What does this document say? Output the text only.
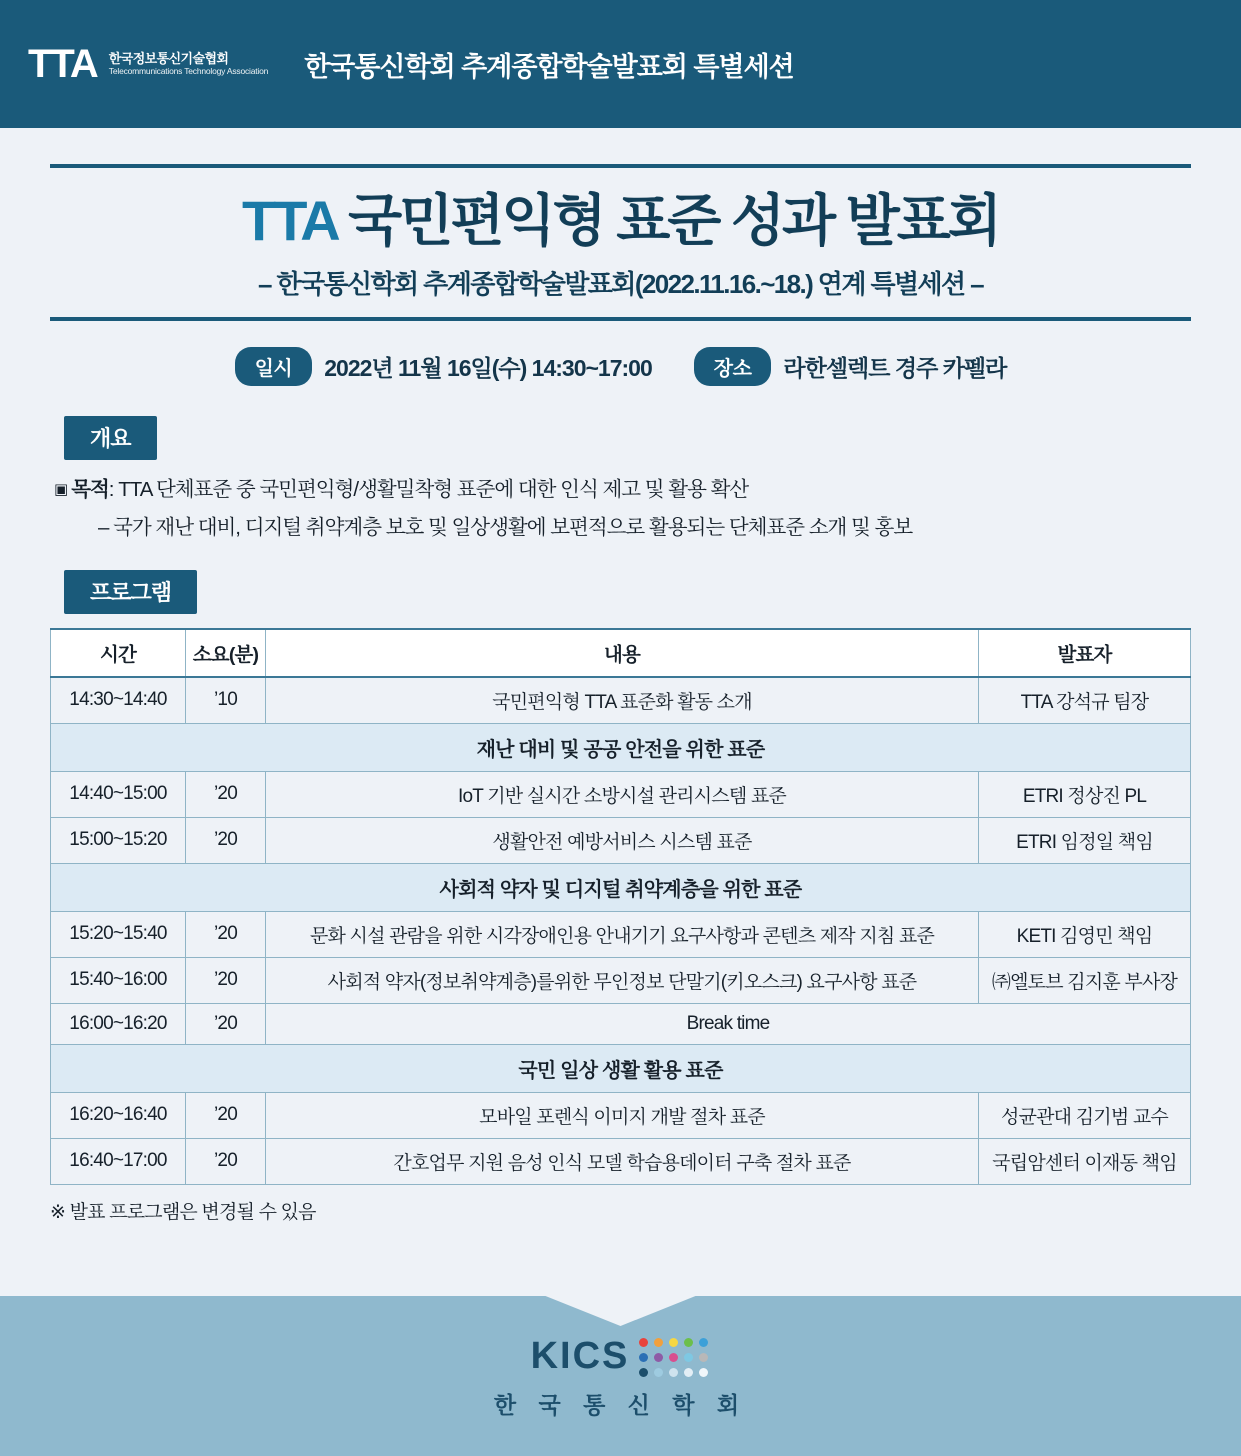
TTA 한국정보통신기술협회
Telecommunications Technology Association 한국통신학회 추계종합학술발표회 특별세션
TTA 국민편익형 표준 성과 발표회
– 한국통신학회 추계종합학술발표회(2022.11.16.~18.) 연계 특별세션 –
일시	2022년 11월 16일(수) 14:30~17:00	장소	라한셀렉트 경주 카펠라
개요
▣ 목적: TTA 단체표준 중 국민편익형/생활밀착형 표준에 대한 인식 제고 및 활용 확산
– 국가 재난 대비, 디지털 취약계층 보호 및 일상생활에 보편적으로 활용되는 단체표준 소개 및 홍보
프로그램
시간	소요(분)	내용	발표자
14:30~14:40	’10	국민편익형 TTA 표준화 활동 소개	TTA 강석규 팀장
재난 대비 및 공공 안전을 위한 표준			
14:40~15:00	’20	IoT 기반 실시간 소방시설 관리시스템 표준	ETRI 정상진 PL
15:00~15:20	’20	생활안전 예방서비스 시스템 표준	ETRI 임정일 책임
사회적 약자 및 디지털 취약계층을 위한 표준			
15:20~15:40	’20	문화 시설 관람을 위한 시각장애인용 안내기기 요구사항과 콘텐츠 제작 지침 표준	KETI 김영민 책임
15:40~16:00	’20	사회적 약자(정보취약계층)를위한 무인정보 단말기(키오스크) 요구사항 표준	㈜엘토브 김지훈 부사장
16:00~16:20	’20	Break time	
국민 일상 생활 활용 표준			
16:20~16:40	’20	모바일 포렌식 이미지 개발 절차 표준	성균관대 김기범 교수
16:40~17:00	’20	간호업무 지원 음성 인식 모델 학습용데이터 구축 절차 표준	국립암센터 이재동 책임
※ 발표 프로그램은 변경될 수 있음
KICS
한 국 통 신 학 회
